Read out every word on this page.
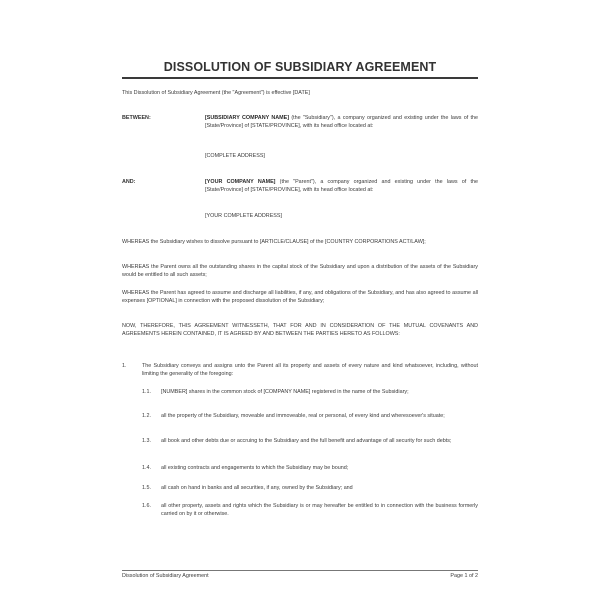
DISSOLUTION OF SUBSIDIARY AGREEMENT
This Dissolution of Subsidiary Agreement (the "Agreement") is effective [DATE]
BETWEEN:	[SUBSIDIARY COMPANY NAME] (the "Subsidiary"), a company organized and existing under the laws of the [State/Province] of [STATE/PROVINCE], with its head office located at:
[COMPLETE ADDRESS]
AND:	[YOUR COMPANY NAME] (the "Parent"), a company organized and existing under the laws of the [State/Province] of [STATE/PROVINCE], with its head office located at:
[YOUR COMPLETE ADDRESS]
WHEREAS the Subsidiary wishes to dissolve pursuant to [ARTICLE/CLAUSE] of the [COUNTRY CORPORATIONS ACT/LAW];
WHEREAS the Parent owns all the outstanding shares in the capital stock of the Subsidiary and upon a distribution of the assets of the Subsidiary would be entitled to all such assets;
WHEREAS the Parent has agreed to assume and discharge all liabilities, if any, and obligations of the Subsidiary, and has also agreed to assume all expenses [OPTIONAL] in connection with the proposed dissolution of the Subsidiary;
NOW, THEREFORE, THIS AGREEMENT WITNESSETH, THAT FOR AND IN CONSIDERATION OF THE MUTUAL COVENANTS AND AGREEMENTS HEREIN CONTAINED, IT IS AGREED BY AND BETWEEN THE PARTIES HERETO AS FOLLOWS:
1.	The Subsidiary conveys and assigns unto the Parent all its property and assets of every nature and kind whatsoever, including, without limiting the generality of the foregoing:
1.1. [NUMBER] shares in the common stock of [COMPANY NAME] registered in the name of the Subsidiary;
1.2. all the property of the Subsidiary, moveable and immoveable, real or personal, of every kind and wheresoever's situate;
1.3. all book and other debts due or accruing to the Subsidiary and the full benefit and advantage of all security for such debts;
1.4. all existing contracts and engagements to which the Subsidiary may be bound;
1.5. all cash on hand in banks and all securities, if any, owned by the Subsidiary; and
1.6. all other property, assets and rights which the Subsidiary is or may hereafter be entitled to in connection with the business formerly carried on by it or otherwise.
Dissolution of Subsidiary Agreement	Page 1 of 2
